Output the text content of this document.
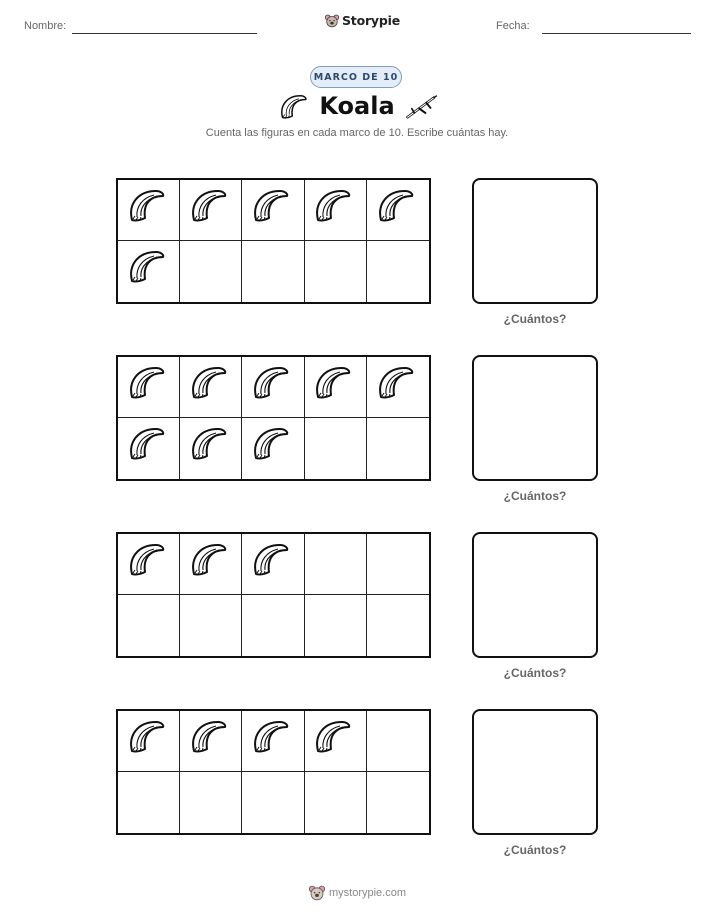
Nombre:	Storypie	Fecha:
MARCO DE 10
Koala
Cuenta las figuras en cada marco de 10. Escribe cuántas hay.
¿Cuántos?
¿Cuántos?
¿Cuántos?
¿Cuántos?
mystorypie.com
